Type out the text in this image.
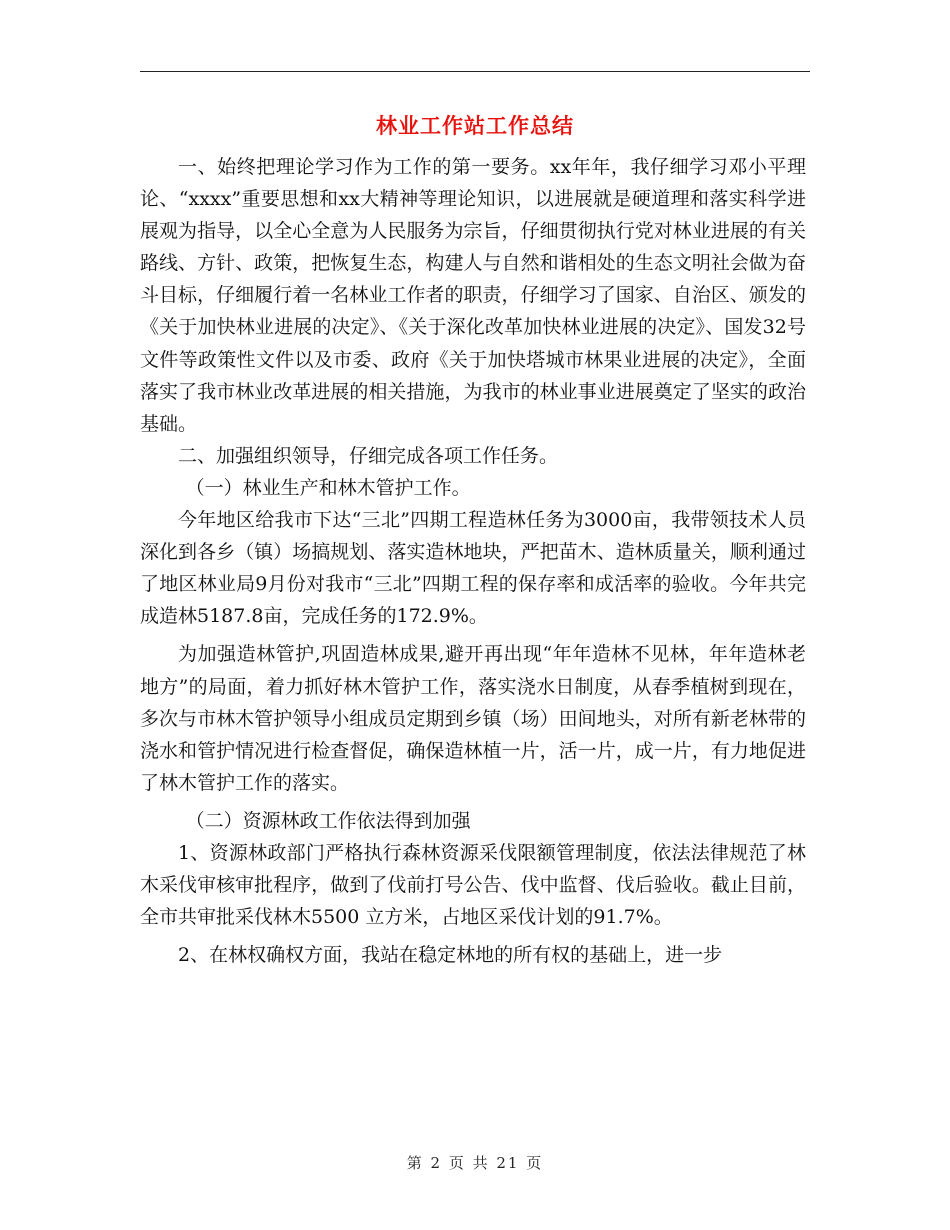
林业工作站工作总结

一、始终把理论学习作为工作的第一要务。xx年年，我仔细学习邓小平理论、“xxxx”重要思想和xx大精神等理论知识，以进展就是硬道理和落实科学进展观为指导，以全心全意为人民服务为宗旨，仔细贯彻执行党对林业进展的有关路线、方针、政策，把恢复生态，构建人与自然和谐相处的生态文明社会做为奋斗目标，仔细履行着一名林业工作者的职责，仔细学习了国家、自治区、颁发的《关于加快林业进展的决定》、《关于深化改革加快林业进展的决定》、国发32号文件等政策性文件以及市委、政府《关于加快塔城市林果业进展的决定》，全面落实了我市林业改革进展的相关措施，为我市的林业事业进展奠定了坚实的政治基础。

二、加强组织领导，仔细完成各项工作任务。

（一）林业生产和林木管护工作。

今年地区给我市下达“三北”四期工程造林任务为3000亩，我带领技术人员深化到各乡（镇）场搞规划、落实造林地块，严把苗木、造林质量关，顺利通过了地区林业局9月份对我市“三北”四期工程的保存率和成活率的验收。今年共完成造林5187.8亩，完成任务的172.9%。

为加强造林管护,巩固造林成果,避开再出现“年年造林不见林，年年造林老地方”的局面，着力抓好林木管护工作，落实浇水日制度，从春季植树到现在，多次与市林木管护领导小组成员定期到乡镇（场）田间地头，对所有新老林带的浇水和管护情况进行检查督促，确保造林植一片，活一片，成一片，有力地促进了林木管护工作的落实。

（二）资源林政工作依法得到加强

1、资源林政部门严格执行森林资源采伐限额管理制度，依法法律规范了林木采伐审核审批程序，做到了伐前打号公告、伐中监督、伐后验收。截止目前，全市共审批采伐林木5500 立方米，占地区采伐计划的91.7%。

2、在林权确权方面，我站在稳定林地的所有权的基础上，进一步

第 2 页 共 21 页
